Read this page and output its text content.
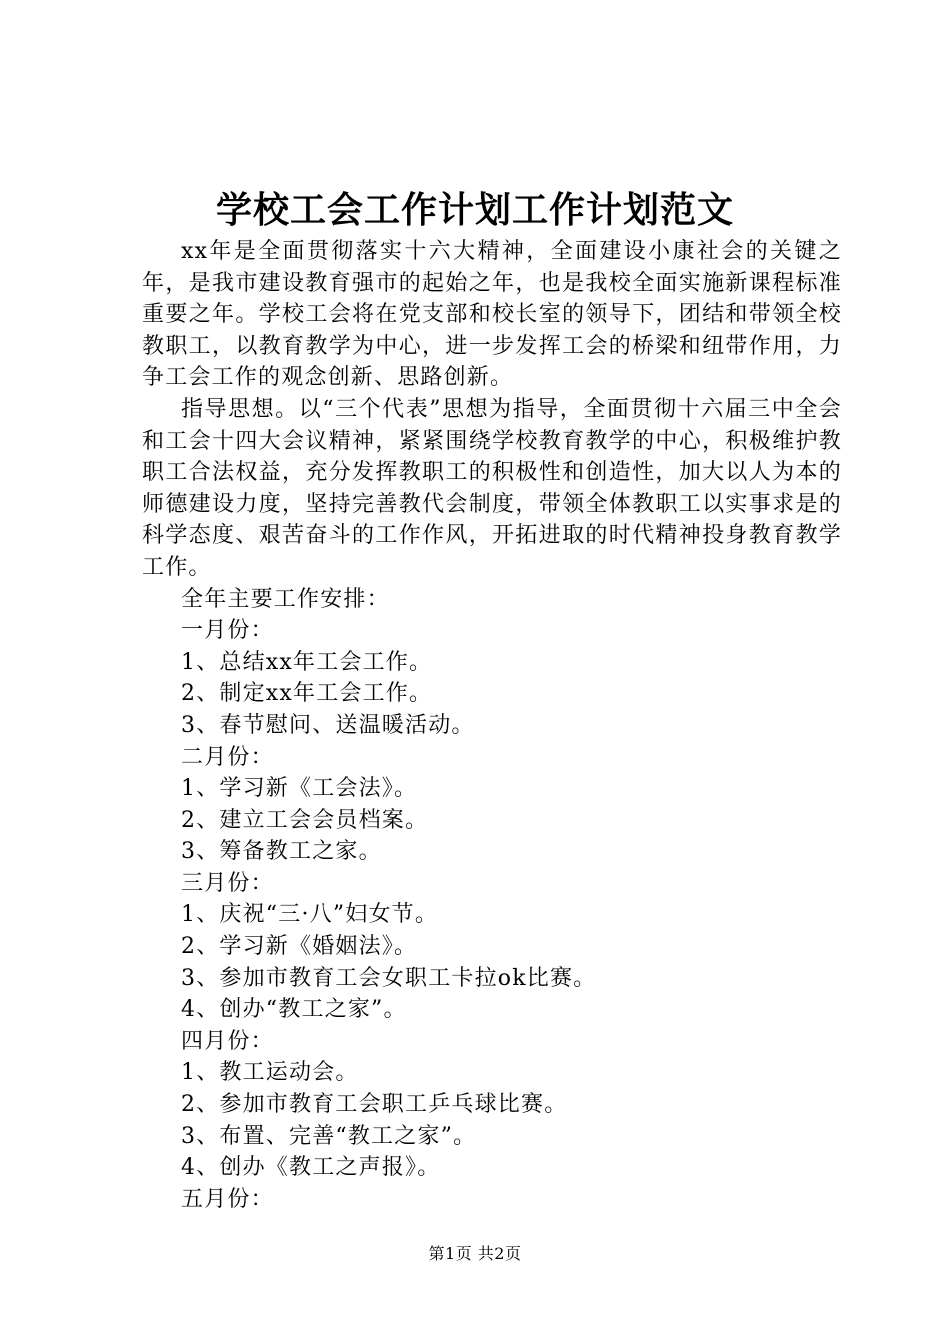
学校工会工作计划工作计划范文

xx年是全面贯彻落实十六大精神，全面建设小康社会的关键之年，是我市建设教育强市的起始之年，也是我校全面实施新课程标准重要之年。学校工会将在党支部和校长室的领导下，团结和带领全校教职工，以教育教学为中心，进一步发挥工会的桥梁和纽带作用，力争工会工作的观念创新、思路创新。

指导思想。以“三个代表”思想为指导，全面贯彻十六届三中全会和工会十四大会议精神，紧紧围绕学校教育教学的中心，积极维护教职工合法权益，充分发挥教职工的积极性和创造性，加大以人为本的师德建设力度，坚持完善教代会制度，带领全体教职工以实事求是的科学态度、艰苦奋斗的工作作风，开拓进取的时代精神投身教育教学工作。

全年主要工作安排：

一月份：

1、总结xx年工会工作。

2、制定xx年工会工作。

3、春节慰问、送温暖活动。

二月份：

1、学习新《工会法》。

2、建立工会会员档案。

3、筹备教工之家。

三月份：

1、庆祝“三·八”妇女节。

2、学习新《婚姻法》。

3、参加市教育工会女职工卡拉ok比赛。

4、创办“教工之家”。

四月份：

1、教工运动会。

2、参加市教育工会职工乒乓球比赛。

3、布置、完善“教工之家”。

4、创办《教工之声报》。

五月份：

第1页 共2页
